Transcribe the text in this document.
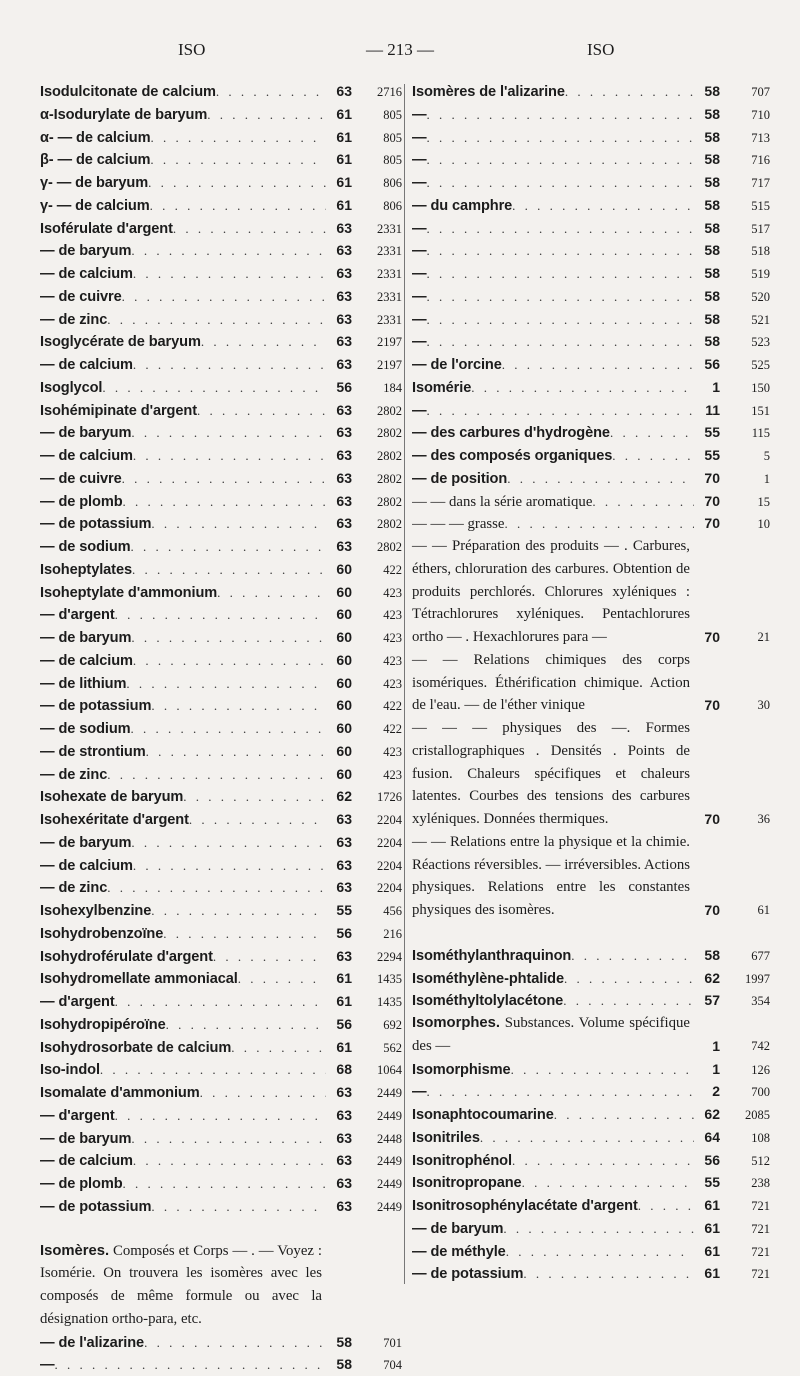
ISO	— 213 —	ISO
Isodulcitonate de calcium . . .	63	2716
α-Isodurylate de baryum . . .	61	805
α- — de calcium . . .	61	805
β- — de calcium . . .	61	805
γ- — de baryum . . .	61	806
γ- — de calcium . . .	61	806
Isoférulate d'argent . . .	63	2331
— de baryum . . .	63	2331
— de calcium . . .	63	2331
— de cuivre . . .	63	2331
— de zinc . . .	63	2331
Isoglycérate de baryum . . .	63	2197
— de calcium . . .	63	2197
Isoglycol . . .	56	184
Isohémipinate d'argent . . .	63	2802
— de baryum . . .	63	2802
— de calcium . . .	63	2802
— de cuivre . . .	63	2802
— de plomb . . .	63	2802
— de potassium . . .	63	2802
— de sodium . . .	63	2802
Isoheptylates . . .	60	422
Isoheptylate d'ammonium . . .	60	423
— d'argent . . .	60	423
— de baryum . . .	60	423
— de calcium . . .	60	423
— de lithium . . .	60	423
— de potassium . . .	60	422
— de sodium . . .	60	422
— de strontium . . .	60	423
— de zinc . . .	60	423
Isohexate de baryum . . .	62	1726
Isohexéritate d'argent . . .	63	2204
— de baryum . . .	63	2204
— de calcium . . .	63	2204
— de zinc . . .	63	2204
Isohexylbenzine . . .	55	456
Isohydrobenzoïne . . .	56	216
Isohydroférulate d'argent . . .	63	2294
Isohydromellate ammoniacal . . .	61	1435
— d'argent . . .	61	1435
Isohydropipéroïne . . .	56	692
Isohydrosorbate de calcium . . .	61	562
Iso-indol . . .	68	1064
Isomalate d'ammonium . . .	63	2449
— d'argent . . .	63	2449
— de baryum . . .	63	2448
— de calcium . . .	63	2449
— de plomb . . .	63	2449
— de potassium . . .	63	2449
Isomères. Composés et Corps — . — Voyez : Isomérie. On trouvera les isomères avec les composés de même formule ou avec la désignation ortho-para, etc.
— de l'alizarine . . .	58	701
— . . .	58	704
Isomères de l'alizarine . . .	58	707
— . . .	58	710
— . . .	58	713
— . . .	58	716
— . . .	58	717
— du camphre . . .	58	515
— . . .	58	517
— . . .	58	518
— . . .	58	519
— . . .	58	520
— . . .	58	521
— . . .	58	523
— de l'orcine . . .	56	525
Isomérie . . .	1	150
— . . .	11	151
— des carbures d'hydrogène . . .	55	115
— des composés organiques . . .	55	5
— de position . . .	70	1
— — dans la série aromatique . . .	70	15
— — — grasse . . .	70	10
— — Préparation des produits — . Carbures, éthers, chloruration des carbures. Obtention de produits perchlorés. Chlorures xyléniques : Tétrachlorures xyléniques. Pentachlorures ortho — . Hexachlorures para —	70	21
— — Relations chimiques des corps isomériques. Éthérification chimique. Action de l'eau. — de l'éther vinique	70	30
— — — physiques des —. Formes cristallographiques . Densités . Points de fusion. Chaleurs spécifiques et chaleurs latentes. Courbes des tensions des carbures xyléniques. Données thermiques.	70	36
— — Relations entre la physique et la chimie. Réactions réversibles. — irréversibles. Actions physiques. Relations entre les constantes physiques des isomères.	70	61
Isométhylanthraquinon . . .	58	677
Isométhylène-phtalide . . .	62	1997
Isométhyltolylacétone . . .	57	354
Isomorphes. Substances. Volume spécifique des —	1	742
Isomorphisme . . .	1	126
— . . .	2	700
Isonaphtocoumarine . . .	62	2085
Isonitriles . . .	64	108
Isonitrophénol . . .	56	512
Isonitropropane . . .	55	238
Isonitrosophénylacétate d'argent . . .	61	721
— de baryum . . .	61	721
— de méthyle . . .	61	721
— de potassium . . .	61	721
